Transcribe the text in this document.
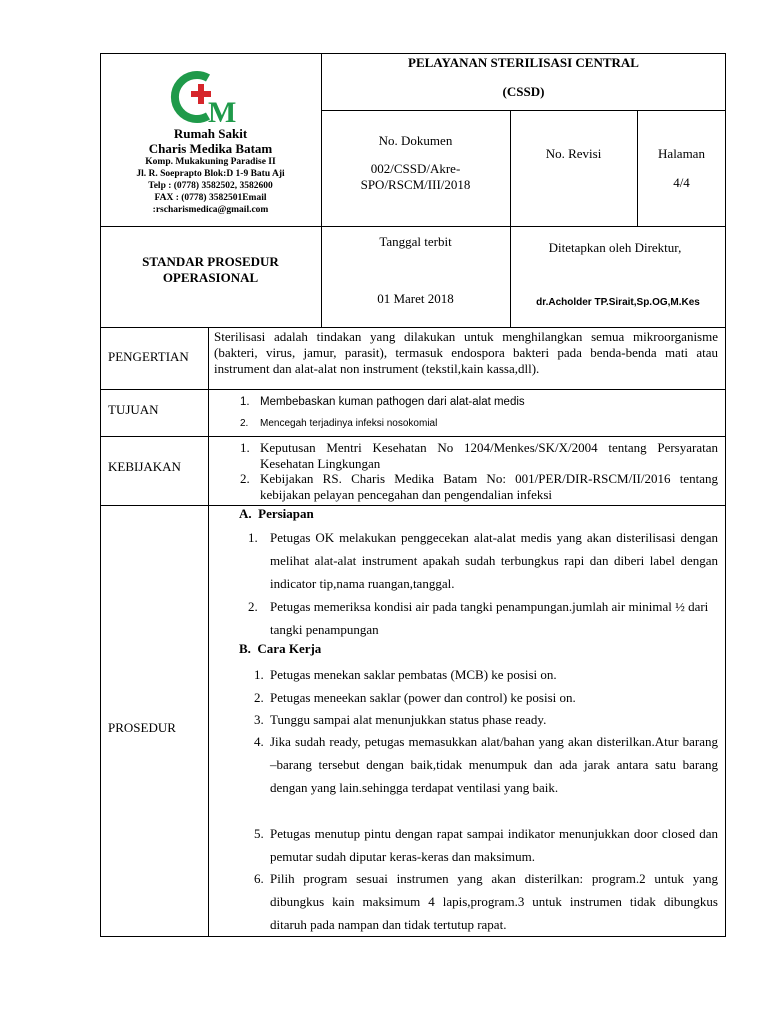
M
Rumah Sakit
Charis Medika Batam
Komp. Mukakuning Paradise II
Jl. R. Soeprapto Blok:D 1-9 Batu Aji
Telp : (0778) 3582502, 3582600
FAX : (0778) 3582501Email
:rscharismedica@gmail.com
PELAYANAN STERILISASI CENTRAL
(CSSD)
No. Dokumen
002/CSSD/Akre-SPO/RSCM/III/2018
No. Revisi	Halaman
4/4
STANDAR PROSEDUR OPERASIONAL
Tanggal terbit
01 Maret 2018
Ditetapkan oleh Direktur,
dr.Acholder TP.Sirait,Sp.OG,M.Kes
PENGERTIAN
Sterilisasi adalah tindakan yang dilakukan untuk menghilangkan semua mikroorganisme (bakteri, virus, jamur, parasit), termasuk endospora bakteri pada benda-benda mati atau instrument dan alat-alat non instrument (tekstil,kain kassa,dll).
TUJUAN	1. Membebaskan kuman pathogen dari alat-alat medis
2. Mencegah terjadinya infeksi nosokomial
KEBIJAKAN
1. Keputusan Mentri Kesehatan No 1204/Menkes/SK/X/2004 tentang Persyaratan Kesehatan Lingkungan
2. Kebijakan RS. Charis Medika Batam No: 001/PER/DIR-RSCM/II/2016 tentang kebijakan pelayan pencegahan dan pengendalian infeksi
PROSEDUR
A.  Persiapan
1. Petugas OK melakukan penggecekan alat-alat medis yang akan disterilisasi dengan melihat alat-alat instrument apakah sudah terbungkus rapi dan diberi label dengan indicator tip,nama ruangan,tanggal.
2. Petugas memeriksa kondisi air pada tangki penampungan.jumlah air minimal ½ dari tangki penampungan
B.  Cara Kerja
1. Petugas menekan saklar pembatas (MCB) ke posisi on.
2. Petugas meneekan saklar (power dan control) ke posisi on.
3. Tunggu sampai alat menunjukkan status phase ready.
4. Jika sudah ready, petugas memasukkan alat/bahan yang akan disterilkan.Atur barang –barang tersebut dengan baik,tidak menumpuk dan ada jarak antara satu barang dengan yang lain.sehingga terdapat ventilasi yang baik.
5. Petugas menutup pintu dengan rapat sampai indikator menunjukkan door closed dan pemutar sudah diputar keras-keras dan maksimum.
6. Pilih program sesuai instrumen yang akan disterilkan: program.2 untuk yang dibungkus kain maksimum 4 lapis,program.3 untuk instrumen tidak dibungkus ditaruh pada nampan dan tidak tertutup rapat.
